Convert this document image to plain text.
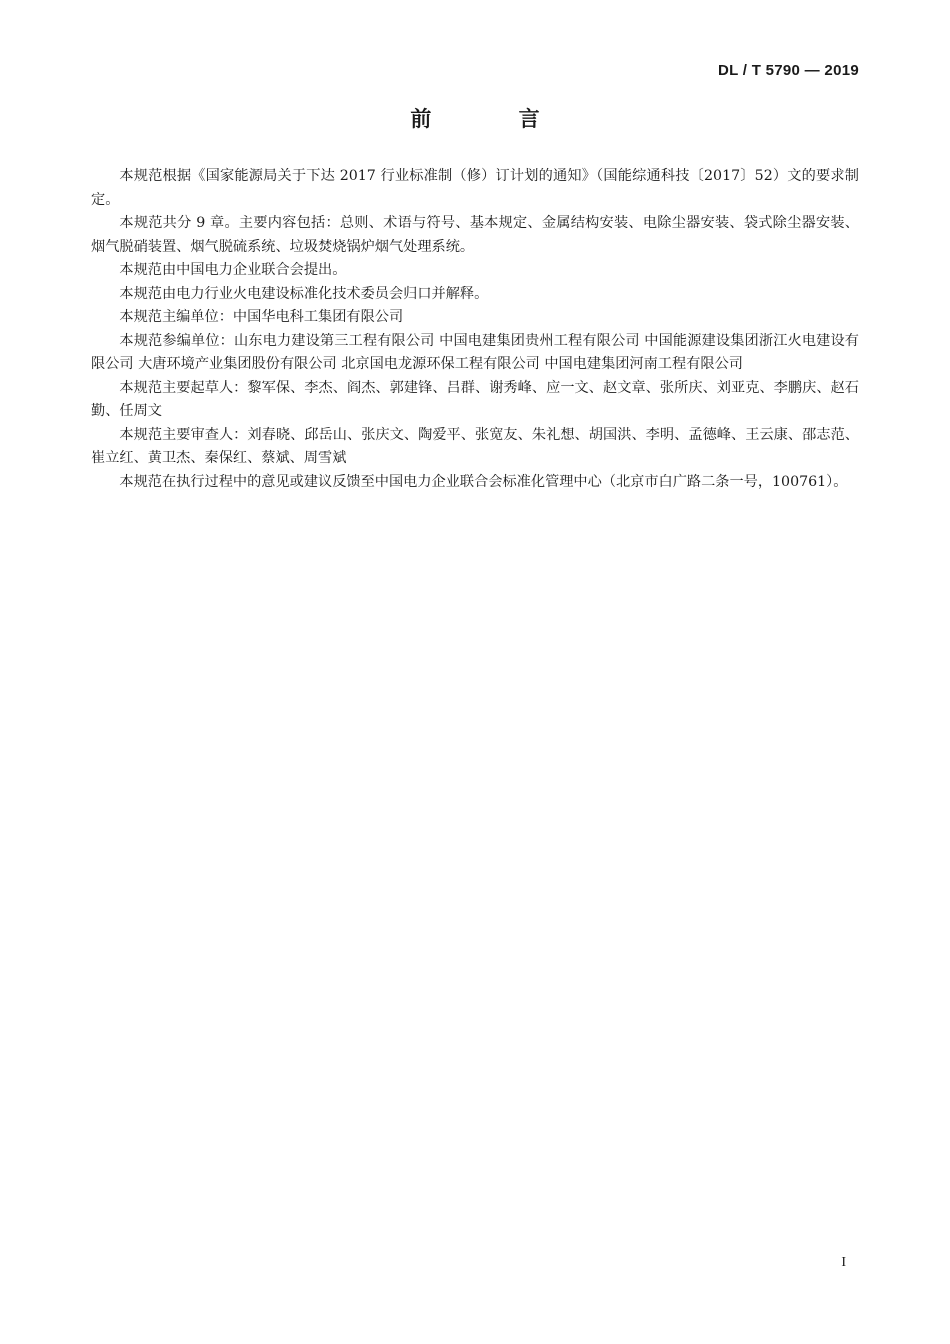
DL / T 5790 — 2019
前 言

本规范根据《国家能源局关于下达 2017 行业标准制（修）订计划的通知》（国能综通科技〔2017〕52）文的要求制定。

本规范共分 9 章。主要内容包括：总则、术语与符号、基本规定、金属结构安装、电除尘器安装、袋式除尘器安装、烟气脱硝装置、烟气脱硫系统、垃圾焚烧锅炉烟气处理系统。

本规范由中国电力企业联合会提出。

本规范由电力行业火电建设标准化技术委员会归口并解释。

本规范主编单位：中国华电科工集团有限公司

本规范参编单位：山东电力建设第三工程有限公司 中国电建集团贵州工程有限公司 中国能源建设集团浙江火电建设有限公司 大唐环境产业集团股份有限公司 北京国电龙源环保工程有限公司 中国电建集团河南工程有限公司

本规范主要起草人：黎军保、李杰、阎杰、郭建锋、吕群、谢秀峰、应一文、赵文章、张所庆、刘亚克、李鹏庆、赵石勤、任周文

本规范主要审查人：刘春晓、邱岳山、张庆文、陶爱平、张宽友、朱礼想、胡国洪、李明、孟德峰、王云康、邵志范、崔立红、黄卫杰、秦保红、蔡斌、周雪斌

本规范在执行过程中的意见或建议反馈至中国电力企业联合会标准化管理中心（北京市白广路二条一号，100761）。

I
